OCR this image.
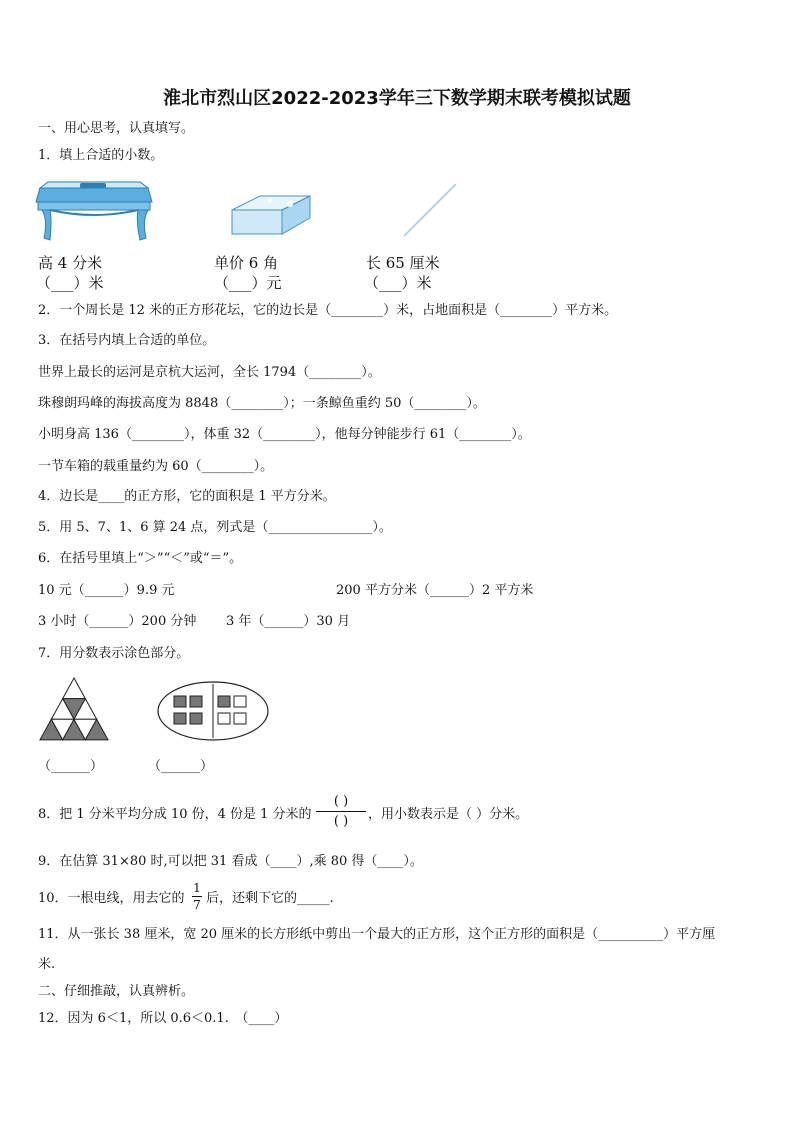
淮北市烈山区2022-2023学年三下数学期末联考模拟试题
一、用心思考，认真填写。
1．填上合适的小数。
高 4 分米
（___）米
单价 6 角
（___）元
长 65 厘米
（___）米
2．一个周长是 12 米的正方形花坛，它的边长是（________）米，占地面积是（________）平方米。
3．在括号内填上合适的单位。
世界上最长的运河是京杭大运河，全长 1794（________）。
珠穆朗玛峰的海拔高度为 8848（________）；一条鲸鱼重约 50（________）。
小明身高 136（________），体重 32（________），他每分钟能步行 61（________）。
一节车箱的载重量约为 60（________）。
4．边长是____的正方形，它的面积是 1 平方分米。
5．用 5、7、1、6 算 24 点，列式是（________________）。
6．在括号里填上“＞”“＜”或“＝”。
10 元（______）9.9 元	200 平方分米（______）2 平方米
3 小时（______）200 分钟 3 年（______）30 月
7．用分数表示涂色部分。
（______）	（______）
8．把 1 分米平均分成 10 份，4 份是 1 分米的
( )
( ) ，用小数表示是（ ）分米。
9．在估算 31×80 时,可以把 31 看成（____）,乘 80 得（____）。
10．一根电线，用去它的
1
7 后，还剩下它的_____.
11．从一张长 38 厘米，宽 20 厘米的长方形纸中剪出一个最大的正方形，这个正方形的面积是（__________）平方厘
米.
二、仔细推敲，认真辨析。
12．因为 6＜1，所以 0.6＜0.1.　（____）
